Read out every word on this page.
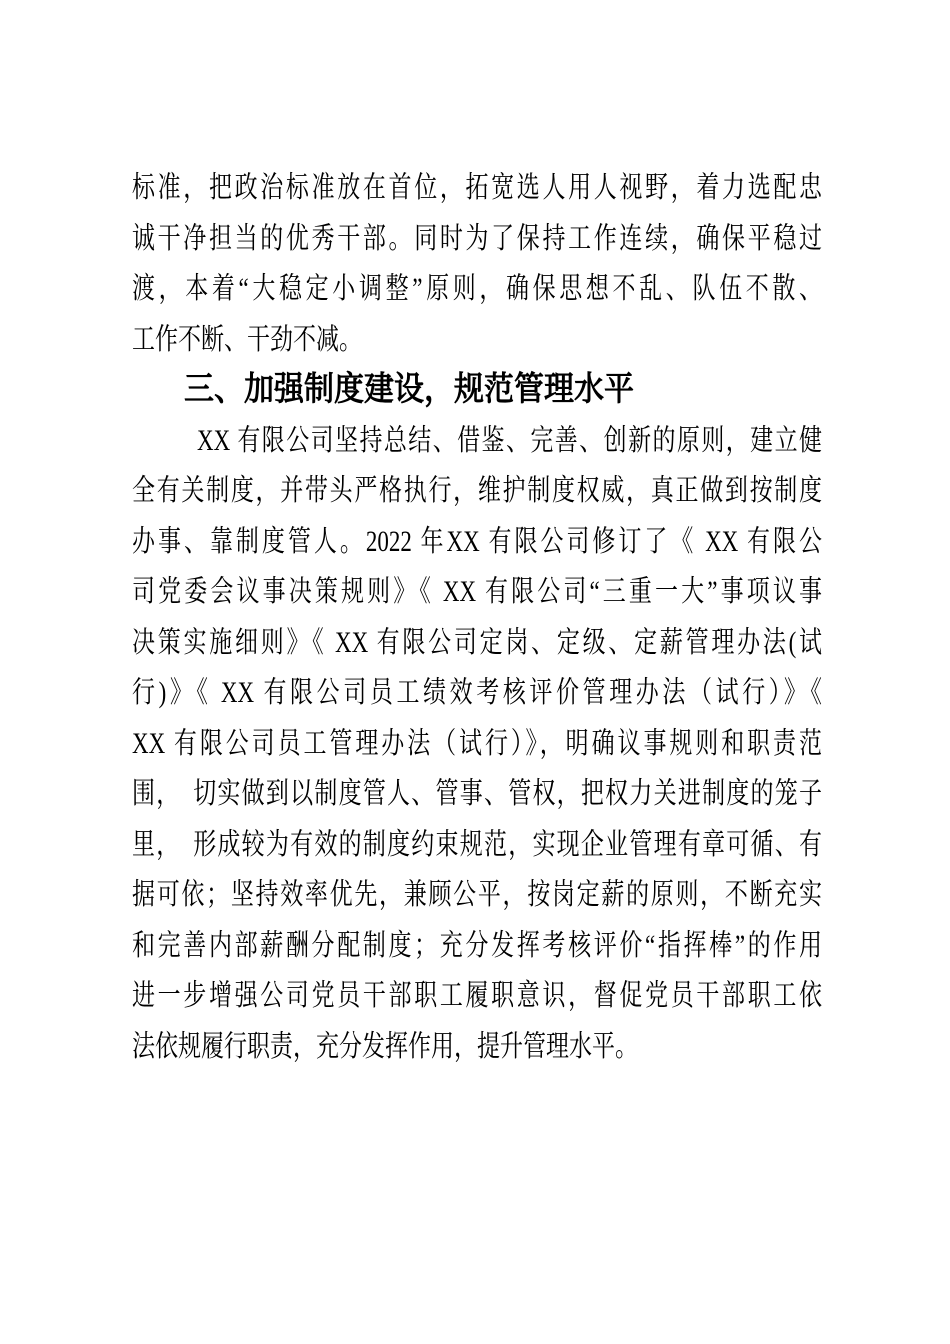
标准，把政治标准放在首位，拓宽选人用人视野，着力选配忠
诚干净担当的优秀干部。同时为了保持工作连续，确保平稳过
渡，本着“大稳定小调整”原则，确保思想不乱、队伍不散、
工作不断、干劲不减。
三、加强制度建设，规范管理水平
XX 有限公司坚持总结、借鉴、完善、创新的原则，建立健
全有关制度，并带头严格执行，维护制度权威，真正做到按制度
办事、靠制度管人。2022 年XX 有限公司修订了《 XX 有限公
司党委会议事决策规则》《 XX 有限公司“三重一大”事项议事
决策实施细则》《 XX 有限公司定岗、定级、定薪管理办法(试
行)》《 XX 有限公司员工绩效考核评价管理办法（试行）》《
XX 有限公司员工管理办法（试行）》，明确议事规则和职责范
围，　切实做到以制度管人、管事、管权，把权力关进制度的笼子
里，　形成较为有效的制度约束规范，实现企业管理有章可循、有
据可依；坚持效率优先，兼顾公平，按岗定薪的原则，不断充实
和完善内部薪酬分配制度；充分发挥考核评价“指挥棒”的作用
进一步增强公司党员干部职工履职意识，督促党员干部职工依
法依规履行职责，充分发挥作用，提升管理水平。
